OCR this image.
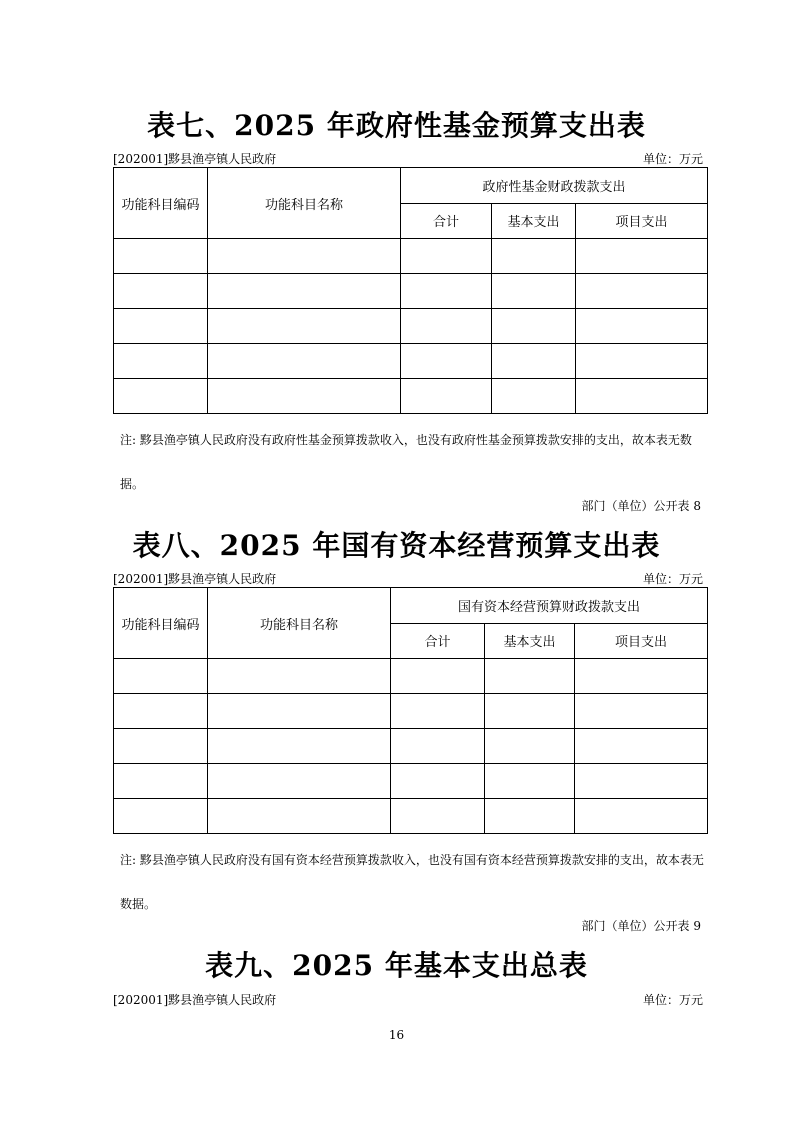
表七、2025 年政府性基金预算支出表
[202001]黟县渔亭镇人民政府	单位：万元
功能科目编码	功能科目名称	政府性基金财政拨款支出		
		合计	基本支出	项目支出

注: 黟县渔亭镇人民政府没有政府性基金预算拨款收入，也没有政府性基金预算拨款安排的支出，故本表无数据。
部门（单位）公开表 8
表八、2025 年国有资本经营预算支出表
[202001]黟县渔亭镇人民政府	单位：万元
功能科目编码	功能科目名称	国有资本经营预算财政拨款支出		
		合计	基本支出	项目支出

注: 黟县渔亭镇人民政府没有国有资本经营预算拨款收入，也没有国有资本经营预算拨款安排的支出，故本表无数据。
部门（单位）公开表 9
表九、2025 年基本支出总表
[202001]黟县渔亭镇人民政府	单位：万元
16
